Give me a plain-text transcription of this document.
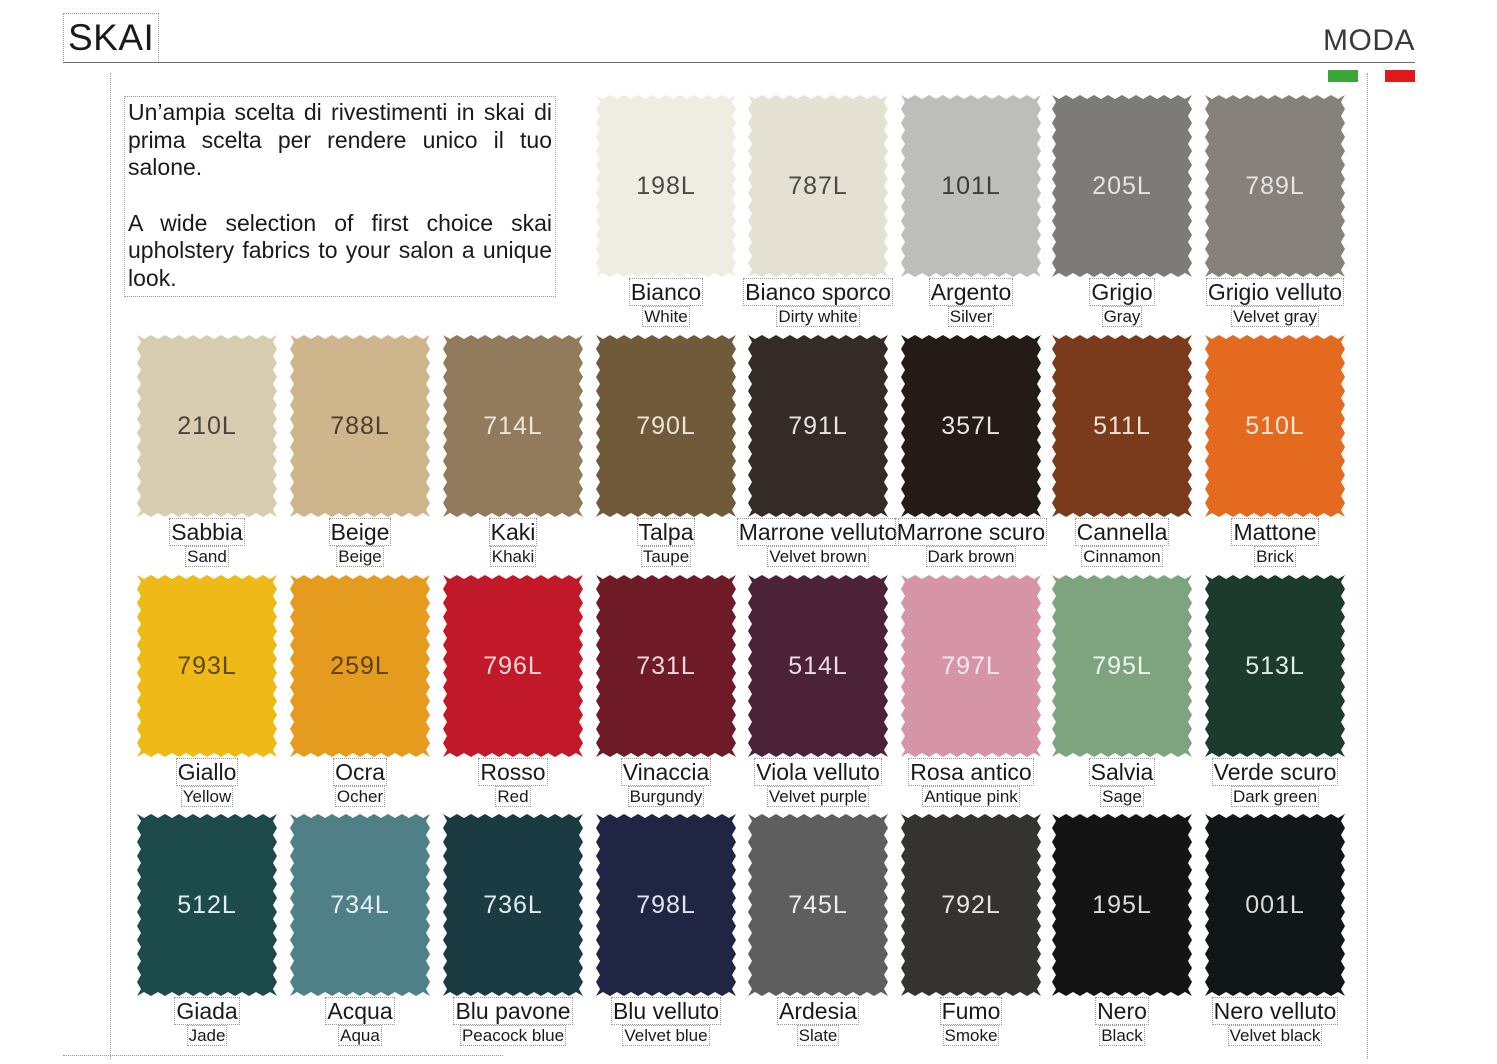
SKAI	MODA

Un’ampia scelta di rivestimenti in skai di prima scelta per rendere unico il tuo salone.

A wide selection of first choice skai upholstery fabrics to your salon a unique look.

198L
Bianco
White
787L
Bianco sporco
Dirty white
101L
Argento
Silver
205L
Grigio
Gray
789L
Grigio velluto
Velvet gray
210L
Sabbia
Sand
788L
Beige
Beige
714L
Kaki
Khaki
790L
Talpa
Taupe
791L
Marrone velluto
Velvet brown
357L
Marrone scuro
Dark brown
511L
Cannella
Cinnamon
510L
Mattone
Brick
793L
Giallo
Yellow
259L
Ocra
Ocher
796L
Rosso
Red
731L
Vinaccia
Burgundy
514L
Viola velluto
Velvet purple
797L
Rosa antico
Antique pink
795L
Salvia
Sage
513L
Verde scuro
Dark green
512L
Giada
Jade
734L
Acqua
Aqua
736L
Blu pavone
Peacock blue
798L
Blu velluto
Velvet blue
745L
Ardesia
Slate
792L
Fumo
Smoke
195L
Nero
Black
001L
Nero velluto
Velvet black
